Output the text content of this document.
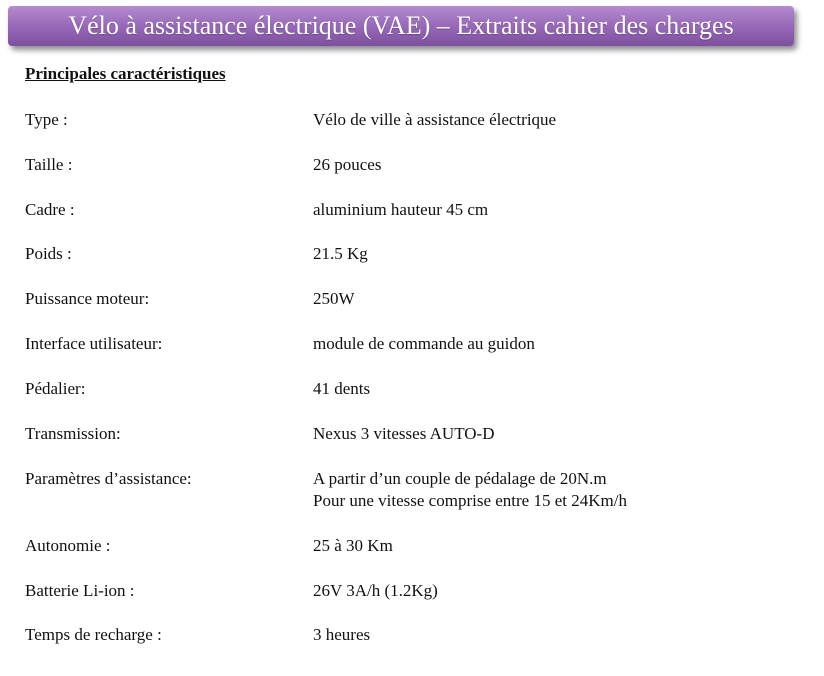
Vélo à assistance électrique (VAE) – Extraits cahier des charges
Principales caractéristiques
Type :	Vélo de ville à assistance électrique
Taille :	26 pouces
Cadre :	aluminium hauteur 45 cm
Poids :	21.5 Kg
Puissance moteur:	250W
Interface utilisateur:	module de commande au guidon
Pédalier:	41 dents
Transmission:	Nexus 3 vitesses AUTO-D
Paramètres d’assistance:	A partir d’un couple de pédalage de 20N.m
Pour une vitesse comprise entre 15 et 24Km/h
Autonomie :	25 à 30 Km
Batterie Li-ion :	26V 3A/h (1.2Kg)
Temps de recharge :	3 heures
